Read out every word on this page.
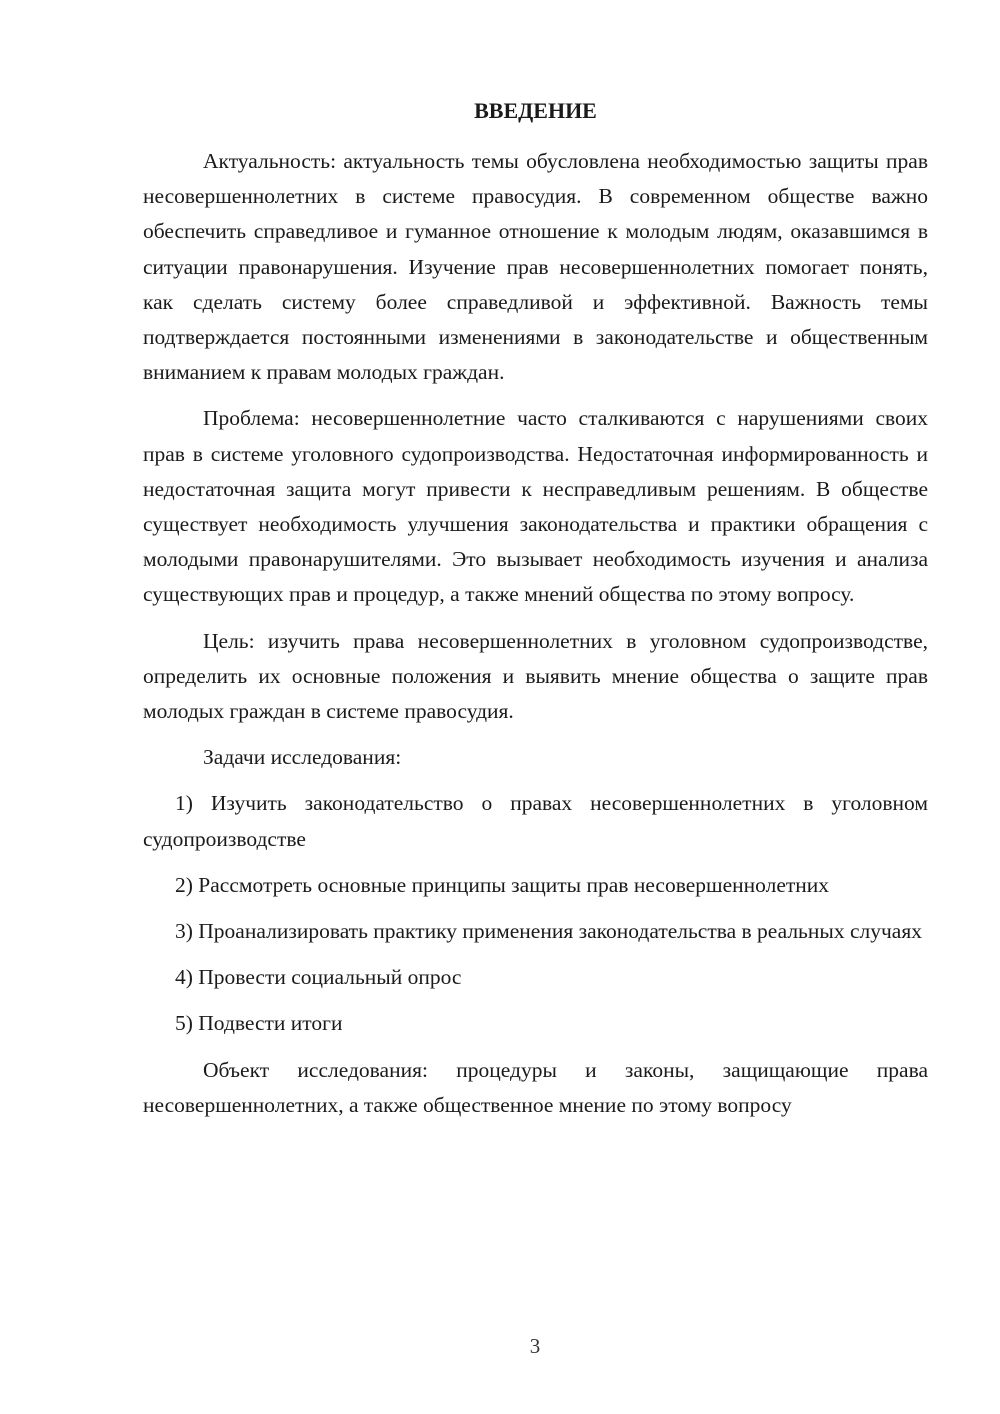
ВВЕДЕНИЕ

Актуальность: актуальность темы обусловлена необходимостью защиты прав несовершеннолетних в системе правосудия. В современном обществе важно обеспечить справедливое и гуманное отношение к молодым людям, оказавшимся в ситуации правонарушения. Изучение прав несовершеннолетних помогает понять, как сделать систему более справедливой и эффективной. Важность темы подтверждается постоянными изменениями в законодательстве и общественным вниманием к правам молодых граждан.

Проблема: несовершеннолетние часто сталкиваются с нарушениями своих прав в системе уголовного судопроизводства. Недостаточная информированность и недостаточная защита могут привести к несправедливым решениям. В обществе существует необходимость улучшения законодательства и практики обращения с молодыми правонарушителями. Это вызывает необходимость изучения и анализа существующих прав и процедур, а также мнений общества по этому вопросу.

Цель: изучить права несовершеннолетних в уголовном судопроизводстве, определить их основные положения и выявить мнение общества о защите прав молодых граждан в системе правосудия.

Задачи исследования:

1) Изучить законодательство о правах несовершеннолетних в уголовном судопроизводстве

2) Рассмотреть основные принципы защиты прав несовершеннолетних

3) Проанализировать практику применения законодательства в реальных случаях

4) Провести социальный опрос

5) Подвести итоги

Объект исследования: процедуры и законы, защищающие права несовершеннолетних, а также общественное мнение по этому вопросу

3
